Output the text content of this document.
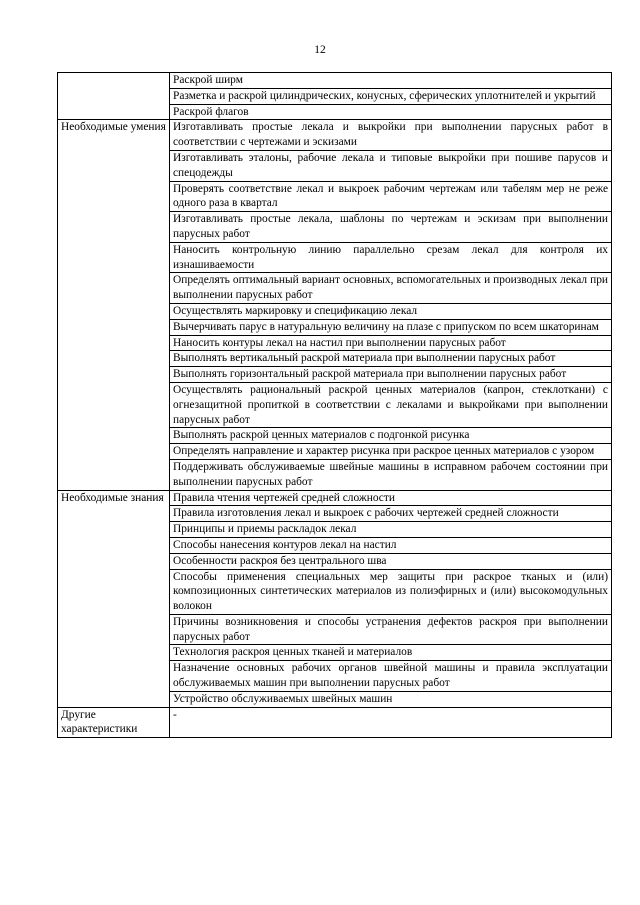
12
	Раскрой ширм
	Разметка и раскрой цилиндрических, конусных, сферических уплотнителей и укрытий
	Раскрой флагов
Необходимые умения	Изготавливать простые лекала и выкройки при выполнении парусных работ в соответствии с чертежами и эскизами
	Изготавливать эталоны, рабочие лекала и типовые выкройки при пошиве парусов и спецодежды
	Проверять соответствие лекал и выкроек рабочим чертежам или табелям мер не реже одного раза в квартал
	Изготавливать простые лекала, шаблоны по чертежам и эскизам при выполнении парусных работ
	Наносить контрольную линию параллельно срезам лекал для контроля их изнашиваемости
	Определять оптимальный вариант основных, вспомогательных и производных лекал при выполнении парусных работ
	Осуществлять маркировку и спецификацию лекал
	Вычерчивать парус в натуральную величину на плазе с припуском по всем шкаторинам
	Наносить контуры лекал на настил при выполнении парусных работ
	Выполнять вертикальный раскрой материала при выполнении парусных работ
	Выполнять горизонтальный раскрой материала при выполнении парусных работ
	Осуществлять рациональный раскрой ценных материалов (капрон, стеклоткани) с огнезащитной пропиткой в соответствии с лекалами и выкройками при выполнении парусных работ
	Выполнять раскрой ценных материалов с подгонкой рисунка
	Определять направление и характер рисунка при раскрое ценных материалов с узором
	Поддерживать обслуживаемые швейные машины в исправном рабочем состоянии при выполнении парусных работ
Необходимые знания	Правила чтения чертежей средней сложности
	Правила изготовления лекал и выкроек с рабочих чертежей средней сложности
	Принципы и приемы раскладок лекал
	Способы нанесения контуров лекал на настил
	Особенности раскроя без центрального шва
	Способы применения специальных мер защиты при раскрое тканых и (или) композиционных синтетических материалов из полиэфирных и (или) высокомодульных волокон
	Причины возникновения и способы устранения дефектов раскроя при выполнении парусных работ
	Технология раскроя ценных тканей и материалов
	Назначение основных рабочих органов швейной машины и правила эксплуатации обслуживаемых машин при выполнении парусных работ
	Устройство обслуживаемых швейных машин
Другие характеристики	-
